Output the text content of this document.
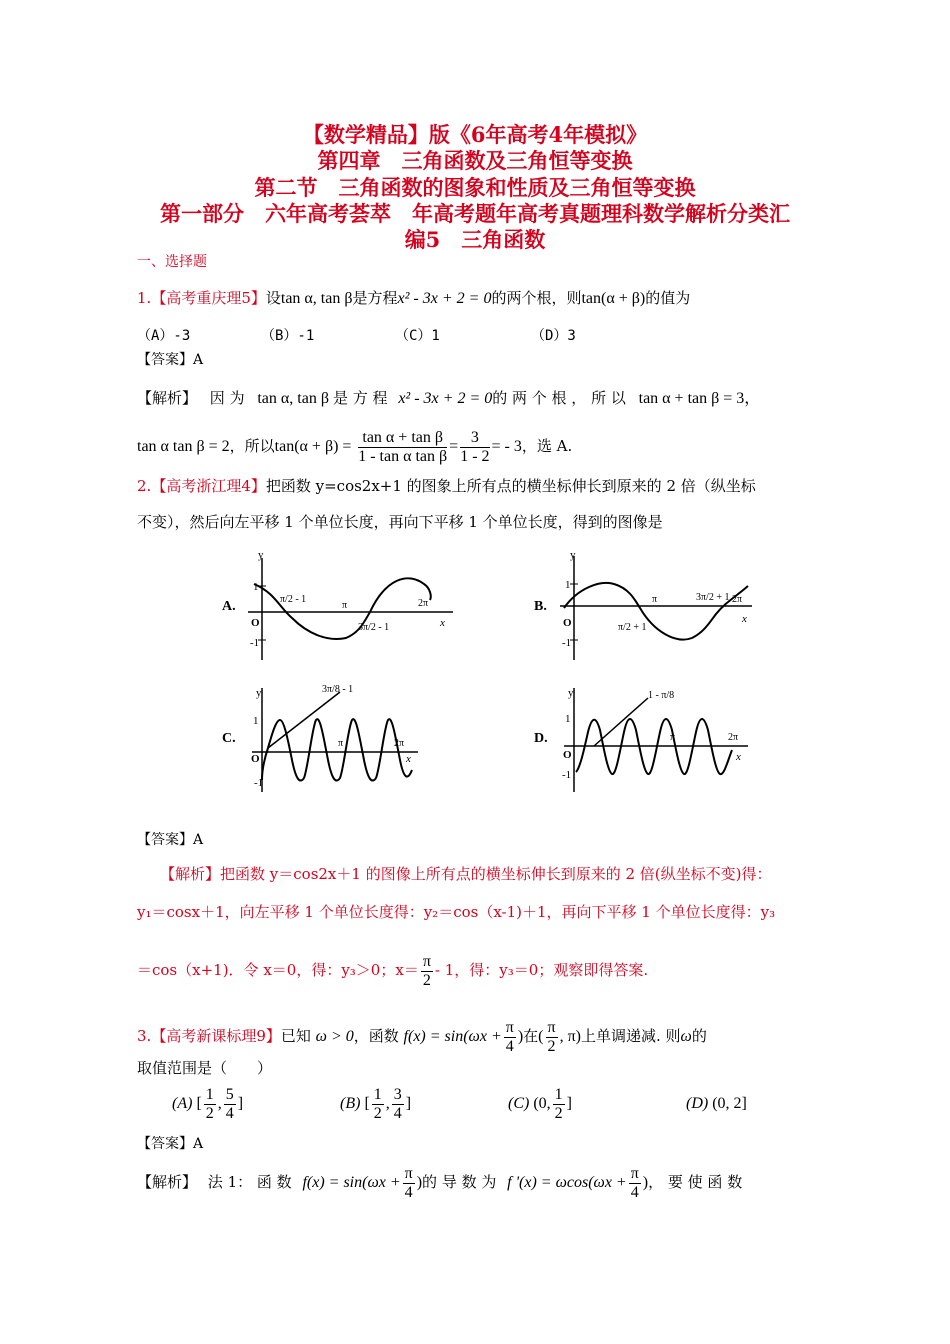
【数学精品】版《6年高考4年模拟》
第四章　三角函数及三角恒等变换
第二节　三角函数的图象和性质及三角恒等变换
第一部分　六年高考荟萃　年高考题年高考真题理科数学解析分类汇
编5　三角函数
一、选择题
1.【高考重庆理5】设tan α, tan β是方程x² - 3x + 2 = 0的两个根，则tan(α + β)的值为
（A）-3	（B）-1	（C）1	（D）3
【答案】A
【解析】 因 为 tan α, tan β 是 方 程 x² - 3x + 2 = 0的 两 个 根 ， 所 以 tan α + tan β = 3，
tan α tan β = 2，所以$\tan(\alpha + \beta) = \frac{\text{tan α + tan β}}{\text{1 - tan α tan β}} = \frac{3}{1 - 2}$ = - 3，选 A.
2.【高考浙江理4】把函数 y=cos2x+1 的图象上所有点的横坐标伸长到原来的 2 倍（纵坐标
不变），然后向左平移 1 个单位长度，再向下平移 1 个单位长度，得到的图像是
A.
y
x
1
-1
O
π/2 - 1
π
3π/2 - 1
2π	B.
y
x
1
-1
O	π/2 + 1
π	3π/2 + 1 2π
C.
y
x
1
-1
O
3π/8 - 1
π	2π	D.
y
x
1
-1
O
1 - π/8
π	2π
【答案】A
【解析】把函数 y＝cos2x＋1 的图像上所有点的横坐标伸长到原来的 2 倍(纵坐标不变)得：
y₁＝cosx＋1，向左平移 1 个单位长度得：y₂＝cos（x-1)＋1，再向下平移 1 个单位长度得：y₃
＝cos（x+1)．令 x＝0，得：y₃＞0；$x= \frac{\pi}{2} - 1$，得：y₃＝0；观察即得答案.
3.【高考新课标理9】已知 ω > 0，函数 $f(x) = \sin(\omega x + \frac{\pi}{4}$ )在( $\frac{\pi}{2}$ , π)上单调递减. 则ω的
取值范围是（　　）
(A) [ $\frac{1}{2}$ , $\frac{5}{4}$ ]	(B) [ $\frac{1}{2}$ , $\frac{3}{4}$ ]	(C) (0, $\frac{1}{2}$ ]	(D) (0, 2]
【答案】A
【解析】 法 1： 函 数 $f(x) = \sin(\omega x + \frac{\pi}{4}$ )的 导 数 为 f '$(x) = \omega\cos(\omega x + \frac{\pi}{4}$ )， 要 使 函 数
